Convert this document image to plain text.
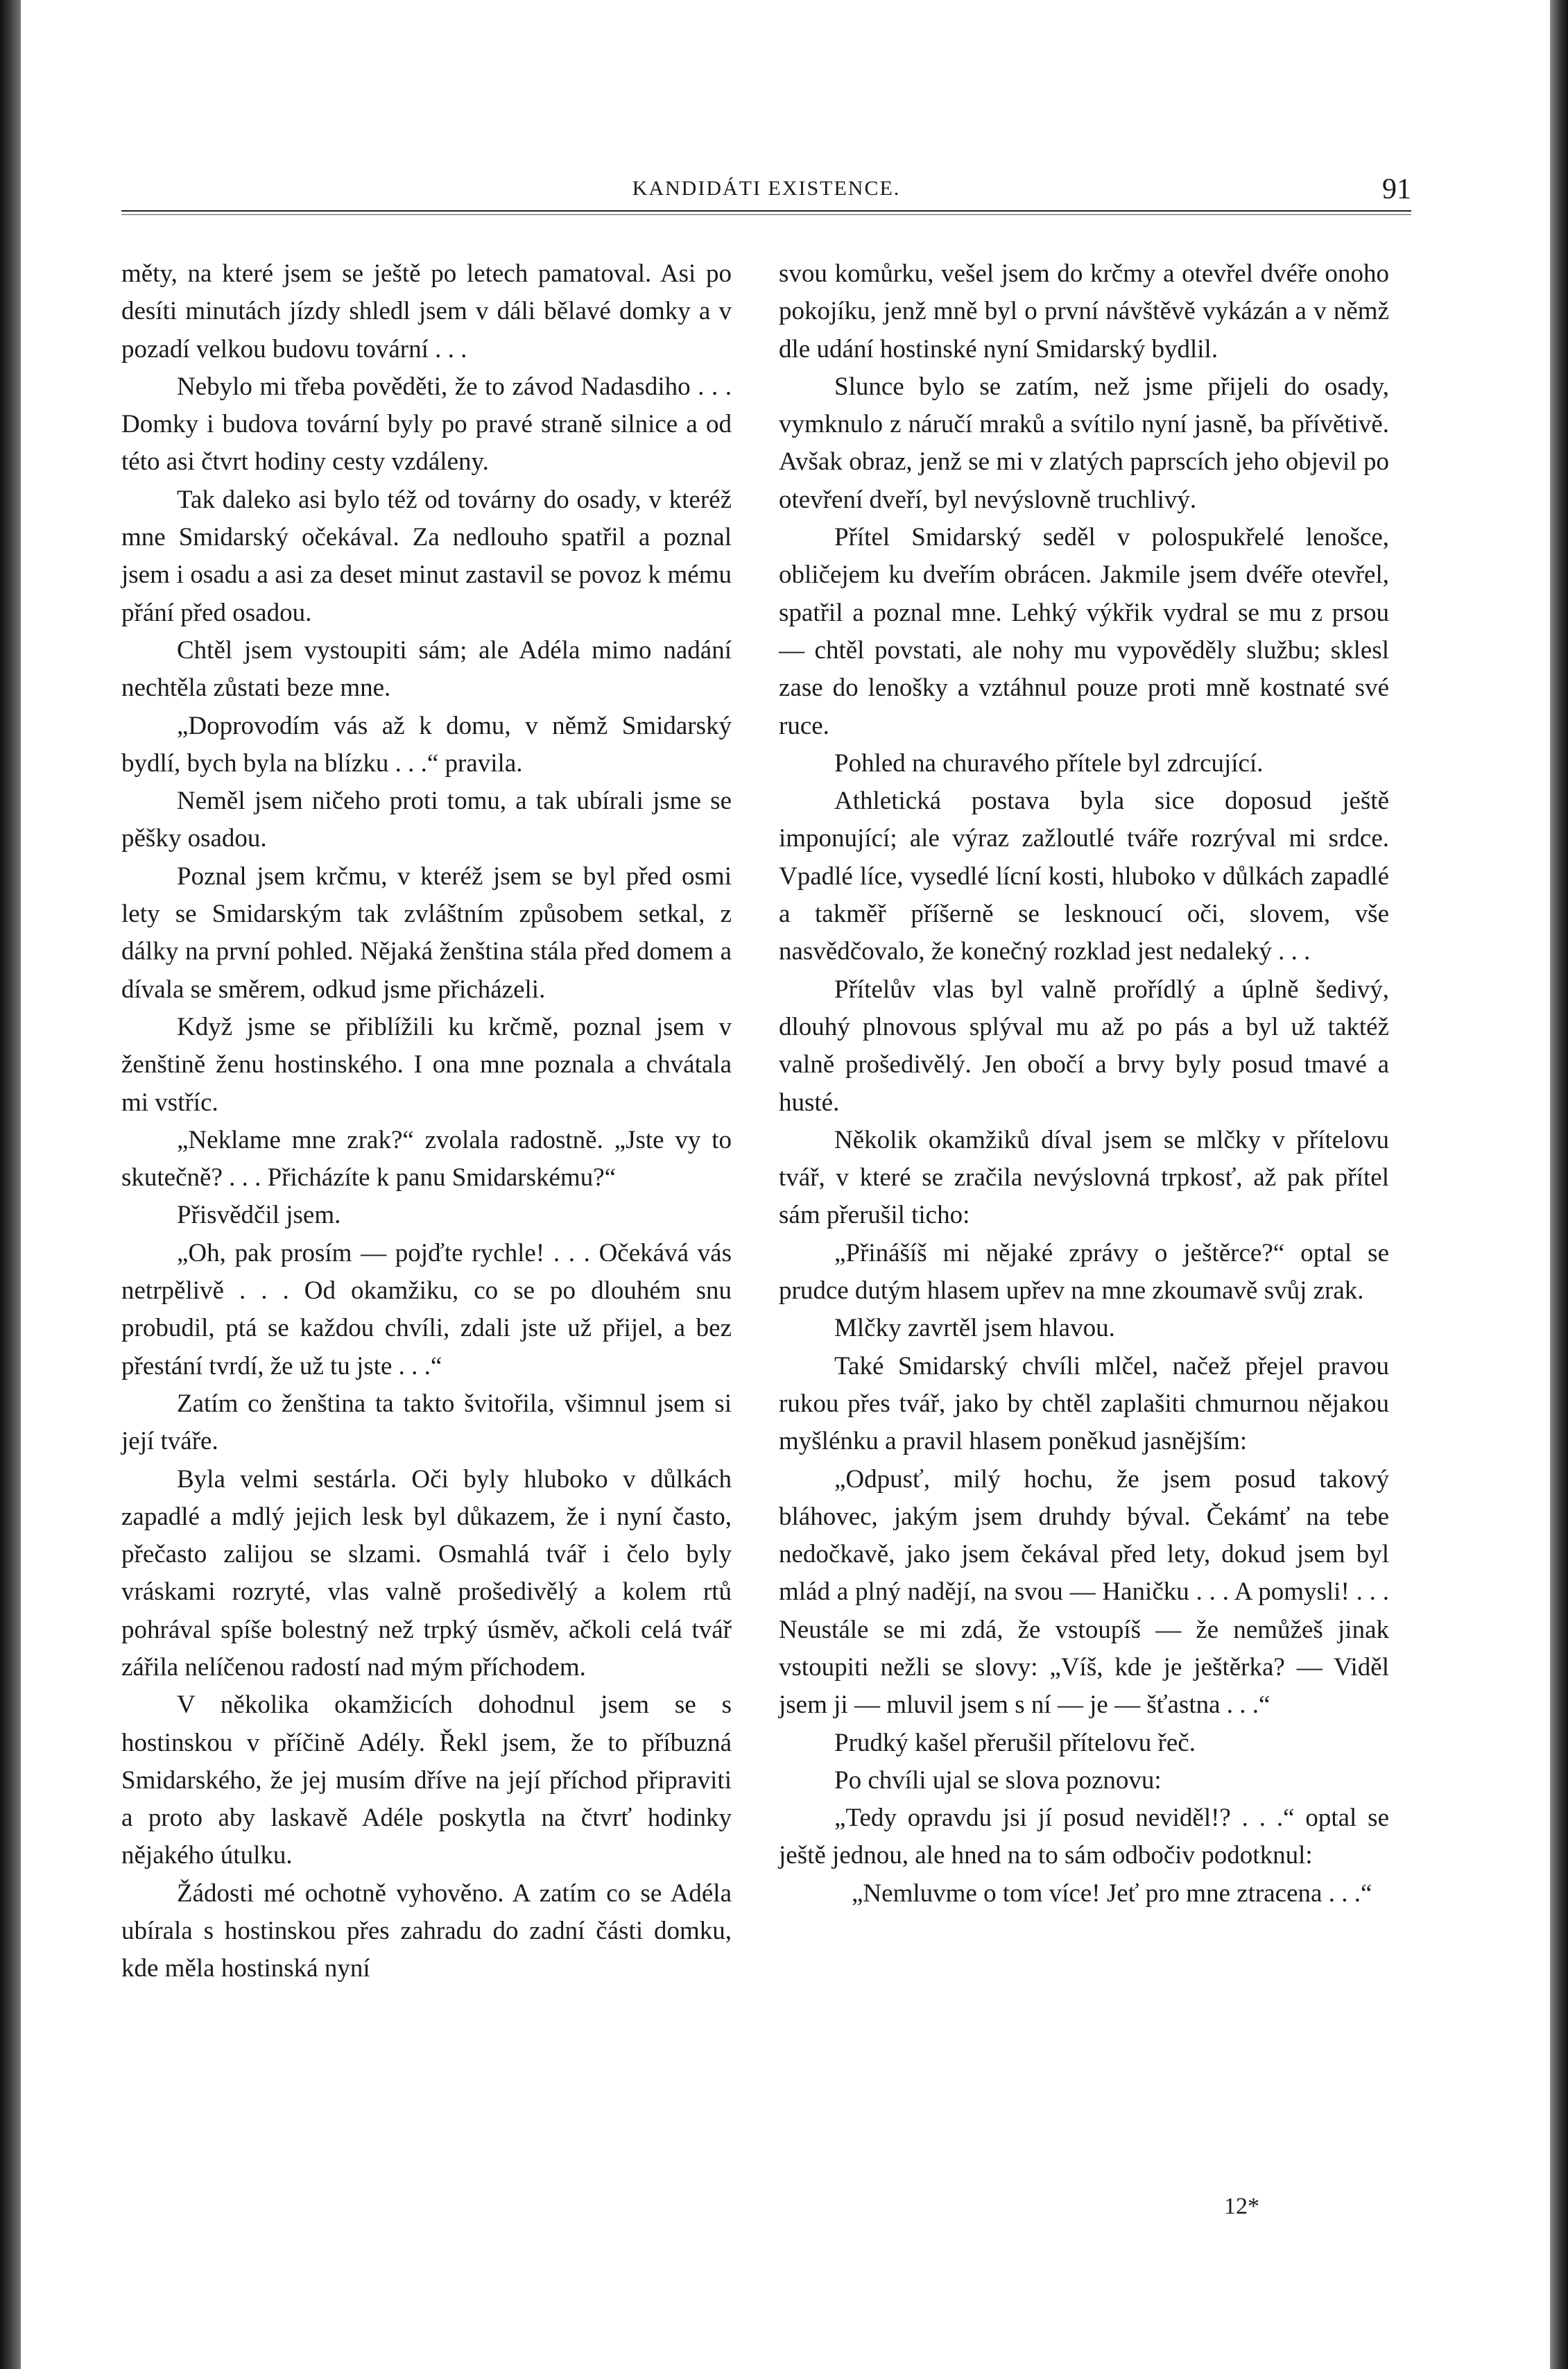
KANDIDÁTI EXISTENCE.	91

měty, na které jsem se ještě po letech pamatoval. Asi po desíti minutách jízdy shledl jsem v dáli bělavé domky a v pozadí velkou budovu tovární . . .

Nebylo mi třeba pověděti, že to závod Nadasdiho . . . Domky i budova tovární byly po pravé straně silnice a od této asi čtvrt hodiny cesty vzdáleny.

Tak daleko asi bylo též od továrny do osady, v kteréž mne Smidarský očekával. Za nedlouho spatřil a poznal jsem i osadu a asi za deset minut zastavil se povoz k mému přání před osadou.

Chtěl jsem vystoupiti sám; ale Adéla mimo nadání nechtěla zůstati beze mne.

„Doprovodím vás až k domu, v němž Smidarský bydlí, bych byla na blízku . . .“ pravila.

Neměl jsem ničeho proti tomu, a tak ubírali jsme se pěšky osadou.

Poznal jsem krčmu, v kteréž jsem se byl před osmi lety se Smidarským tak zvláštním způsobem setkal, z dálky na první pohled. Nějaká ženština stála před domem a dívala se směrem, odkud jsme přicházeli.

Když jsme se přiblížili ku krčmě, poznal jsem v ženštině ženu hostinského. I ona mne poznala a chvátala mi vstříc.

„Neklame mne zrak?“ zvolala radostně. „Jste vy to skutečně? . . . Přicházíte k panu Smidarskému?“

Přisvědčil jsem.

„Oh, pak prosím — pojďte rychle! . . . Očekává vás netrpělivě . . . Od okamžiku, co se po dlouhém snu probudil, ptá se každou chvíli, zdali jste už přijel, a bez přestání tvrdí, že už tu jste . . .“

Zatím co ženština ta takto švitořila, všimnul jsem si její tváře.

Byla velmi sestárla. Oči byly hluboko v důlkách zapadlé a mdlý jejich lesk byl důkazem, že i nyní často, přečasto zalijou se slzami. Osmahlá tvář i čelo byly vráskami rozryté, vlas valně prošedivělý a kolem rtů pohrával spíše bolestný než trpký úsměv, ačkoli celá tvář zářila nelíčenou radostí nad mým příchodem.

V několika okamžicích dohodnul jsem se s hostinskou v příčině Adély. Řekl jsem, že to příbuzná Smidarského, že jej musím dříve na její příchod připraviti a proto aby laskavě Adéle poskytla na čtvrť hodinky nějakého útulku.

Žádosti mé ochotně vyhověno. A zatím co se Adéla ubírala s hostinskou přes zahradu do zadní části domku, kde měla hostinská nyní

svou komůrku, vešel jsem do krčmy a otevřel dvéře onoho pokojíku, jenž mně byl o první návštěvě vykázán a v němž dle udání hostinské nyní Smidarský bydlil.

Slunce bylo se zatím, než jsme přijeli do osady, vymknulo z náručí mraků a svítilo nyní jasně, ba přívětivě. Avšak obraz, jenž se mi v zlatých paprscích jeho objevil po otevření dveří, byl nevýslovně truchlivý.

Přítel Smidarský seděl v polospukřelé lenošce, obličejem ku dveřím obrácen. Jakmile jsem dvéře otevřel, spatřil a poznal mne. Lehký výkřik vydral se mu z prsou — chtěl povstati, ale nohy mu vypověděly službu; sklesl zase do lenošky a vztáhnul pouze proti mně kostnaté své ruce.

Pohled na churavého přítele byl zdrcující.

Athletická postava byla sice doposud ještě imponující; ale výraz zažloutlé tváře rozrýval mi srdce. Vpadlé líce, vysedlé lícní kosti, hluboko v důlkách zapadlé a takměř příšerně se lesknoucí oči, slovem, vše nasvědčovalo, že konečný rozklad jest nedaleký . . .

Přítelův vlas byl valně prořídlý a úplně šedivý, dlouhý plnovous splýval mu až po pás a byl už taktéž valně prošedivělý. Jen obočí a brvy byly posud tmavé a husté.

Několik okamžiků díval jsem se mlčky v přítelovu tvář, v které se zračila nevýslovná trpkosť, až pak přítel sám přerušil ticho:

„Přinášíš mi nějaké zprávy o ještěrce?“ optal se prudce dutým hlasem upřev na mne zkoumavě svůj zrak.

Mlčky zavrtěl jsem hlavou.

Také Smidarský chvíli mlčel, načež přejel pravou rukou přes tvář, jako by chtěl zaplašiti chmurnou nějakou myšlénku a pravil hlasem poněkud jasnějším:

„Odpusť, milý hochu, že jsem posud takový bláhovec, jakým jsem druhdy býval. Čekámť na tebe nedočkavě, jako jsem čekával před lety, dokud jsem byl mlád a plný nadějí, na svou — Haničku . . . A pomysli! . . . Neustále se mi zdá, že vstoupíš — že nemůžeš jinak vstoupiti nežli se slovy: „Víš, kde je ještěrka? — Viděl jsem ji — mluvil jsem s ní — je — šťastna . . .“

Prudký kašel přerušil přítelovu řeč.

Po chvíli ujal se slova poznovu:

„Tedy opravdu jsi jí posud neviděl!? . . .“ optal se ještě jednou, ale hned na to sám odbočiv podotknul:

„Nemluvme o tom více! Jeť pro mne ztracena . . .“

12*
